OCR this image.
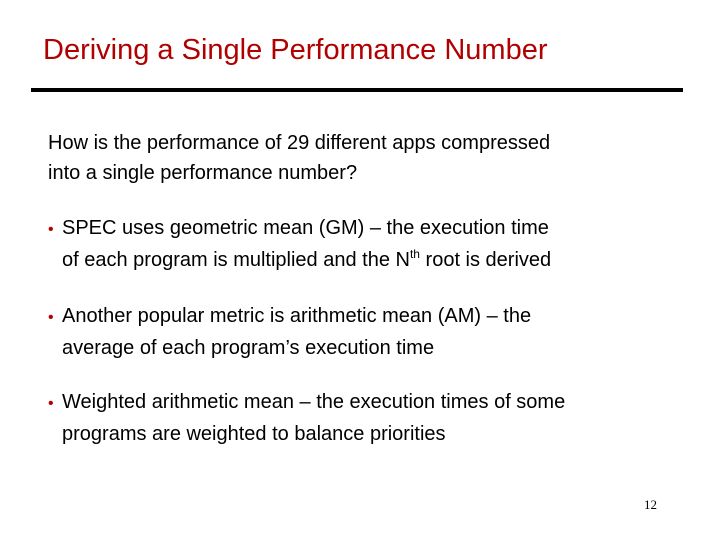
Deriving a Single Performance Number
How is the performance of 29 different apps compressed
into a single performance number?
• SPEC uses geometric mean (GM) – the execution time
of each program is multiplied and the $N^{th}$ root is derived
• Another popular metric is arithmetic mean (AM) – the
average of each program’s execution time
• Weighted arithmetic mean – the execution times of some
programs are weighted to balance priorities
12
